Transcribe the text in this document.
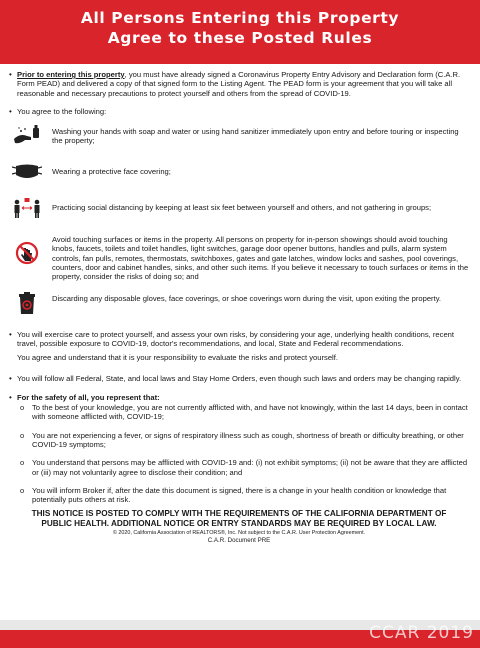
All Persons Entering this Property
Agree to these Posted Rules
• Prior to entering this property, you must have already signed a Coronavirus Property Entry Advisory and Declaration form (C.A.R. Form PEAD) and delivered a copy of that signed form to the Listing Agent. The PEAD form is your agreement that you will take all reasonable and necessary precautions to protect yourself and others from the spread of COVID-19.
• You agree to the following:
Washing your hands with soap and water or using hand sanitizer immediately upon entry and before touring or inspecting the property;
Wearing a protective face covering;
Practicing social distancing by keeping at least six feet between yourself and others, and not gathering in groups;
Avoid touching surfaces or items in the property. All persons on property for in-person showings should avoid touching knobs, faucets, toilets and toilet handles, light switches, garage door opener buttons, handles and pulls, alarm system controls, fan pulls, remotes, thermostats, switchboxes, gates and gate latches, window locks and sashes, pool coverings, counters, door and cabinet handles, sinks, and other such items. If you believe it necessary to touch surfaces or items in the property, consider the risks of doing so; and
Discarding any disposable gloves, face coverings, or shoe coverings worn during the visit, upon exiting the property.
• You will exercise care to protect yourself, and assess your own risks, by considering your age, underlying health conditions, recent travel, possible exposure to COVID-19, doctor's recommendations, and local, State and Federal recommendations.
You agree and understand that it is your responsibility to evaluate the risks and protect yourself.
• You will follow all Federal, State, and local laws and Stay Home Orders, even though such laws and orders may be changing rapidly.
• For the safety of all, you represent that:
o To the best of your knowledge, you are not currently afflicted with, and have not knowingly, within the last 14 days, been in contact with someone afflicted with, COVID-19;
o You are not experiencing a fever, or signs of respiratory illness such as cough, shortness of breath or difficulty breathing, or other COVID-19 symptoms;
o You understand that persons may be afflicted with COVID-19 and: (i) not exhibit symptoms; (ii) not be aware that they are afflicted or (iii) may not voluntarily agree to disclose their condition; and
o You will inform Broker if, after the date this document is signed, there is a change in your health condition or knowledge that potentially puts others at risk.
THIS NOTICE IS POSTED TO COMPLY WITH THE REQUIREMENTS OF THE CALIFORNIA DEPARTMENT OF PUBLIC HEALTH. ADDITIONAL NOTICE OR ENTRY STANDARDS MAY BE REQUIRED BY LOCAL LAW.
© 2020, California Association of REALTORS®, Inc. Not subject to the C.A.R. User Protection Agreement.
C.A.R. Document PRE
CCAR 2019
